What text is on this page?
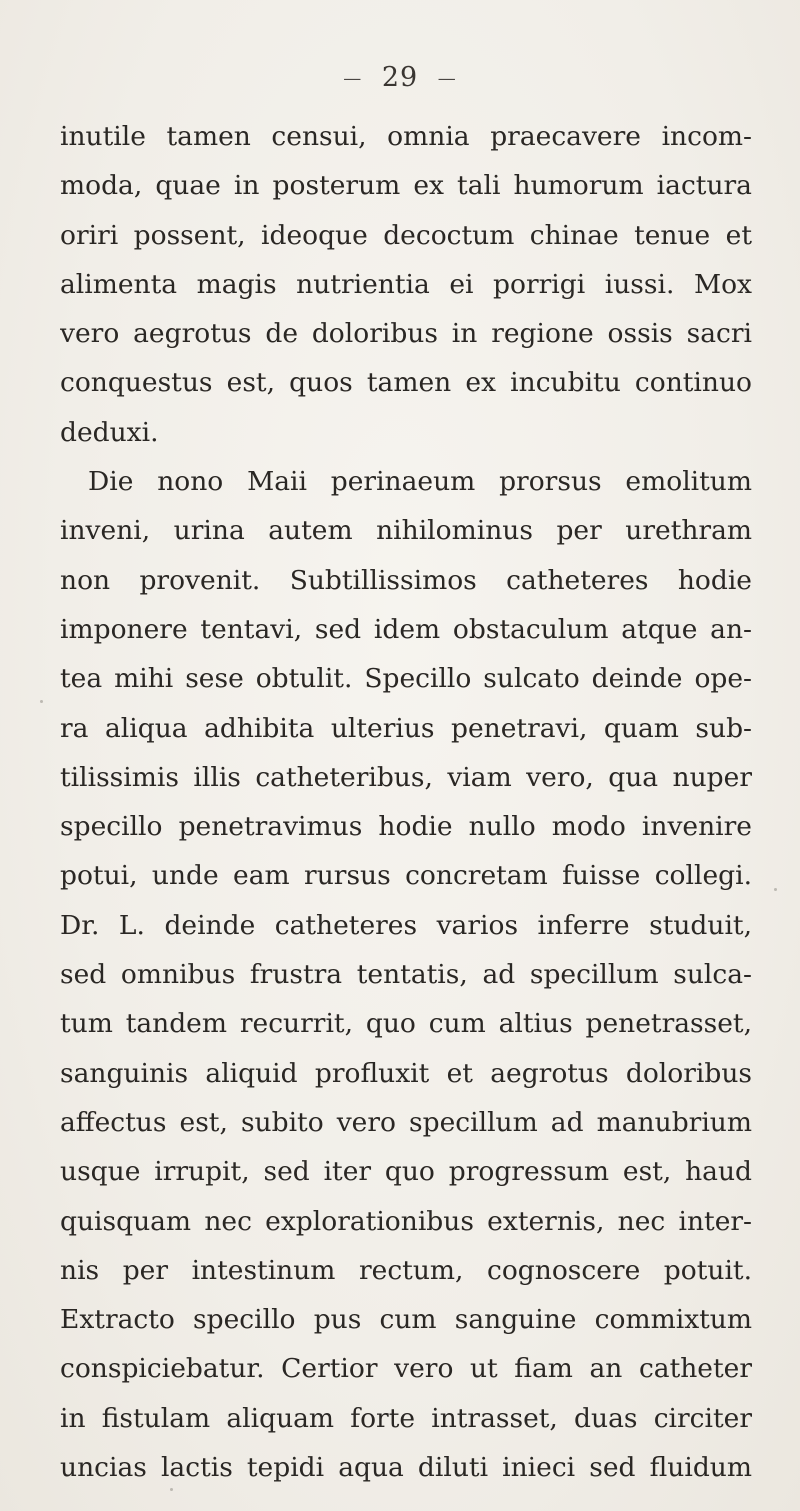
— 29 —
inutile tamen censui, omnia praecavere incom-
moda, quae in posterum ex tali humorum iactura
oriri possent, ideoque decoctum chinae tenue et
alimenta magis nutrientia ei porrigi iussi. Mox
vero aegrotus de doloribus in regione ossis sacri
conquestus est, quos tamen ex incubitu continuo
deduxi.
Die nono Maii perinaeum prorsus emolitum
inveni, urina autem nihilominus per urethram
non provenit. Subtillissimos catheteres hodie
imponere tentavi, sed idem obstaculum atque an-
tea mihi sese obtulit. Specillo sulcato deinde ope-
ra aliqua adhibita ulterius penetravi, quam sub-
tilissimis illis catheteribus, viam vero, qua nuper
specillo penetravimus hodie nullo modo invenire
potui, unde eam rursus concretam fuisse collegi.
Dr. L. deinde catheteres varios inferre studuit,
sed omnibus frustra tentatis, ad specillum sulca-
tum tandem recurrit, quo cum altius penetrasset,
sanguinis aliquid profluxit et aegrotus doloribus
affectus est, subito vero specillum ad manubrium
usque irrupit, sed iter quo progressum est, haud
quisquam nec explorationibus externis, nec inter-
nis per intestinum rectum, cognoscere potuit.
Extracto specillo pus cum sanguine commixtum
conspiciebatur. Certior vero ut fiam an catheter
in fistulam aliquam forte intrasset, duas circiter
uncias lactis tepidi aqua diluti inieci sed fluidum
